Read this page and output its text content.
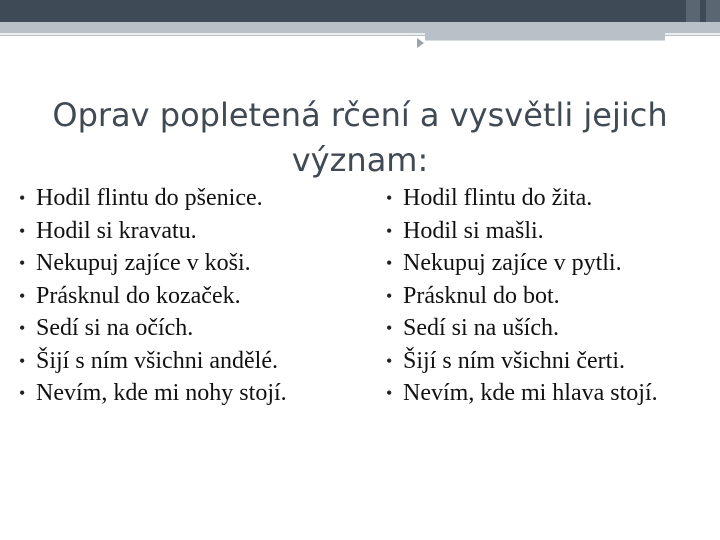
Oprav popletená rčení a vysvětli jejich význam:
• Hodil flintu do pšenice.
• Hodil si kravatu.
• Nekupuj zajíce v koši.
• Prásknul do kozaček.
• Sedí si na očích.
• Šijí s ním všichni andělé.
• Nevím, kde mi nohy stojí.
• Hodil flintu do žita.
• Hodil si mašli.
• Nekupuj zajíce v pytli.
• Prásknul do bot.
• Sedí si na uších.
• Šijí s ním všichni čerti.
• Nevím, kde mi hlava stojí.
